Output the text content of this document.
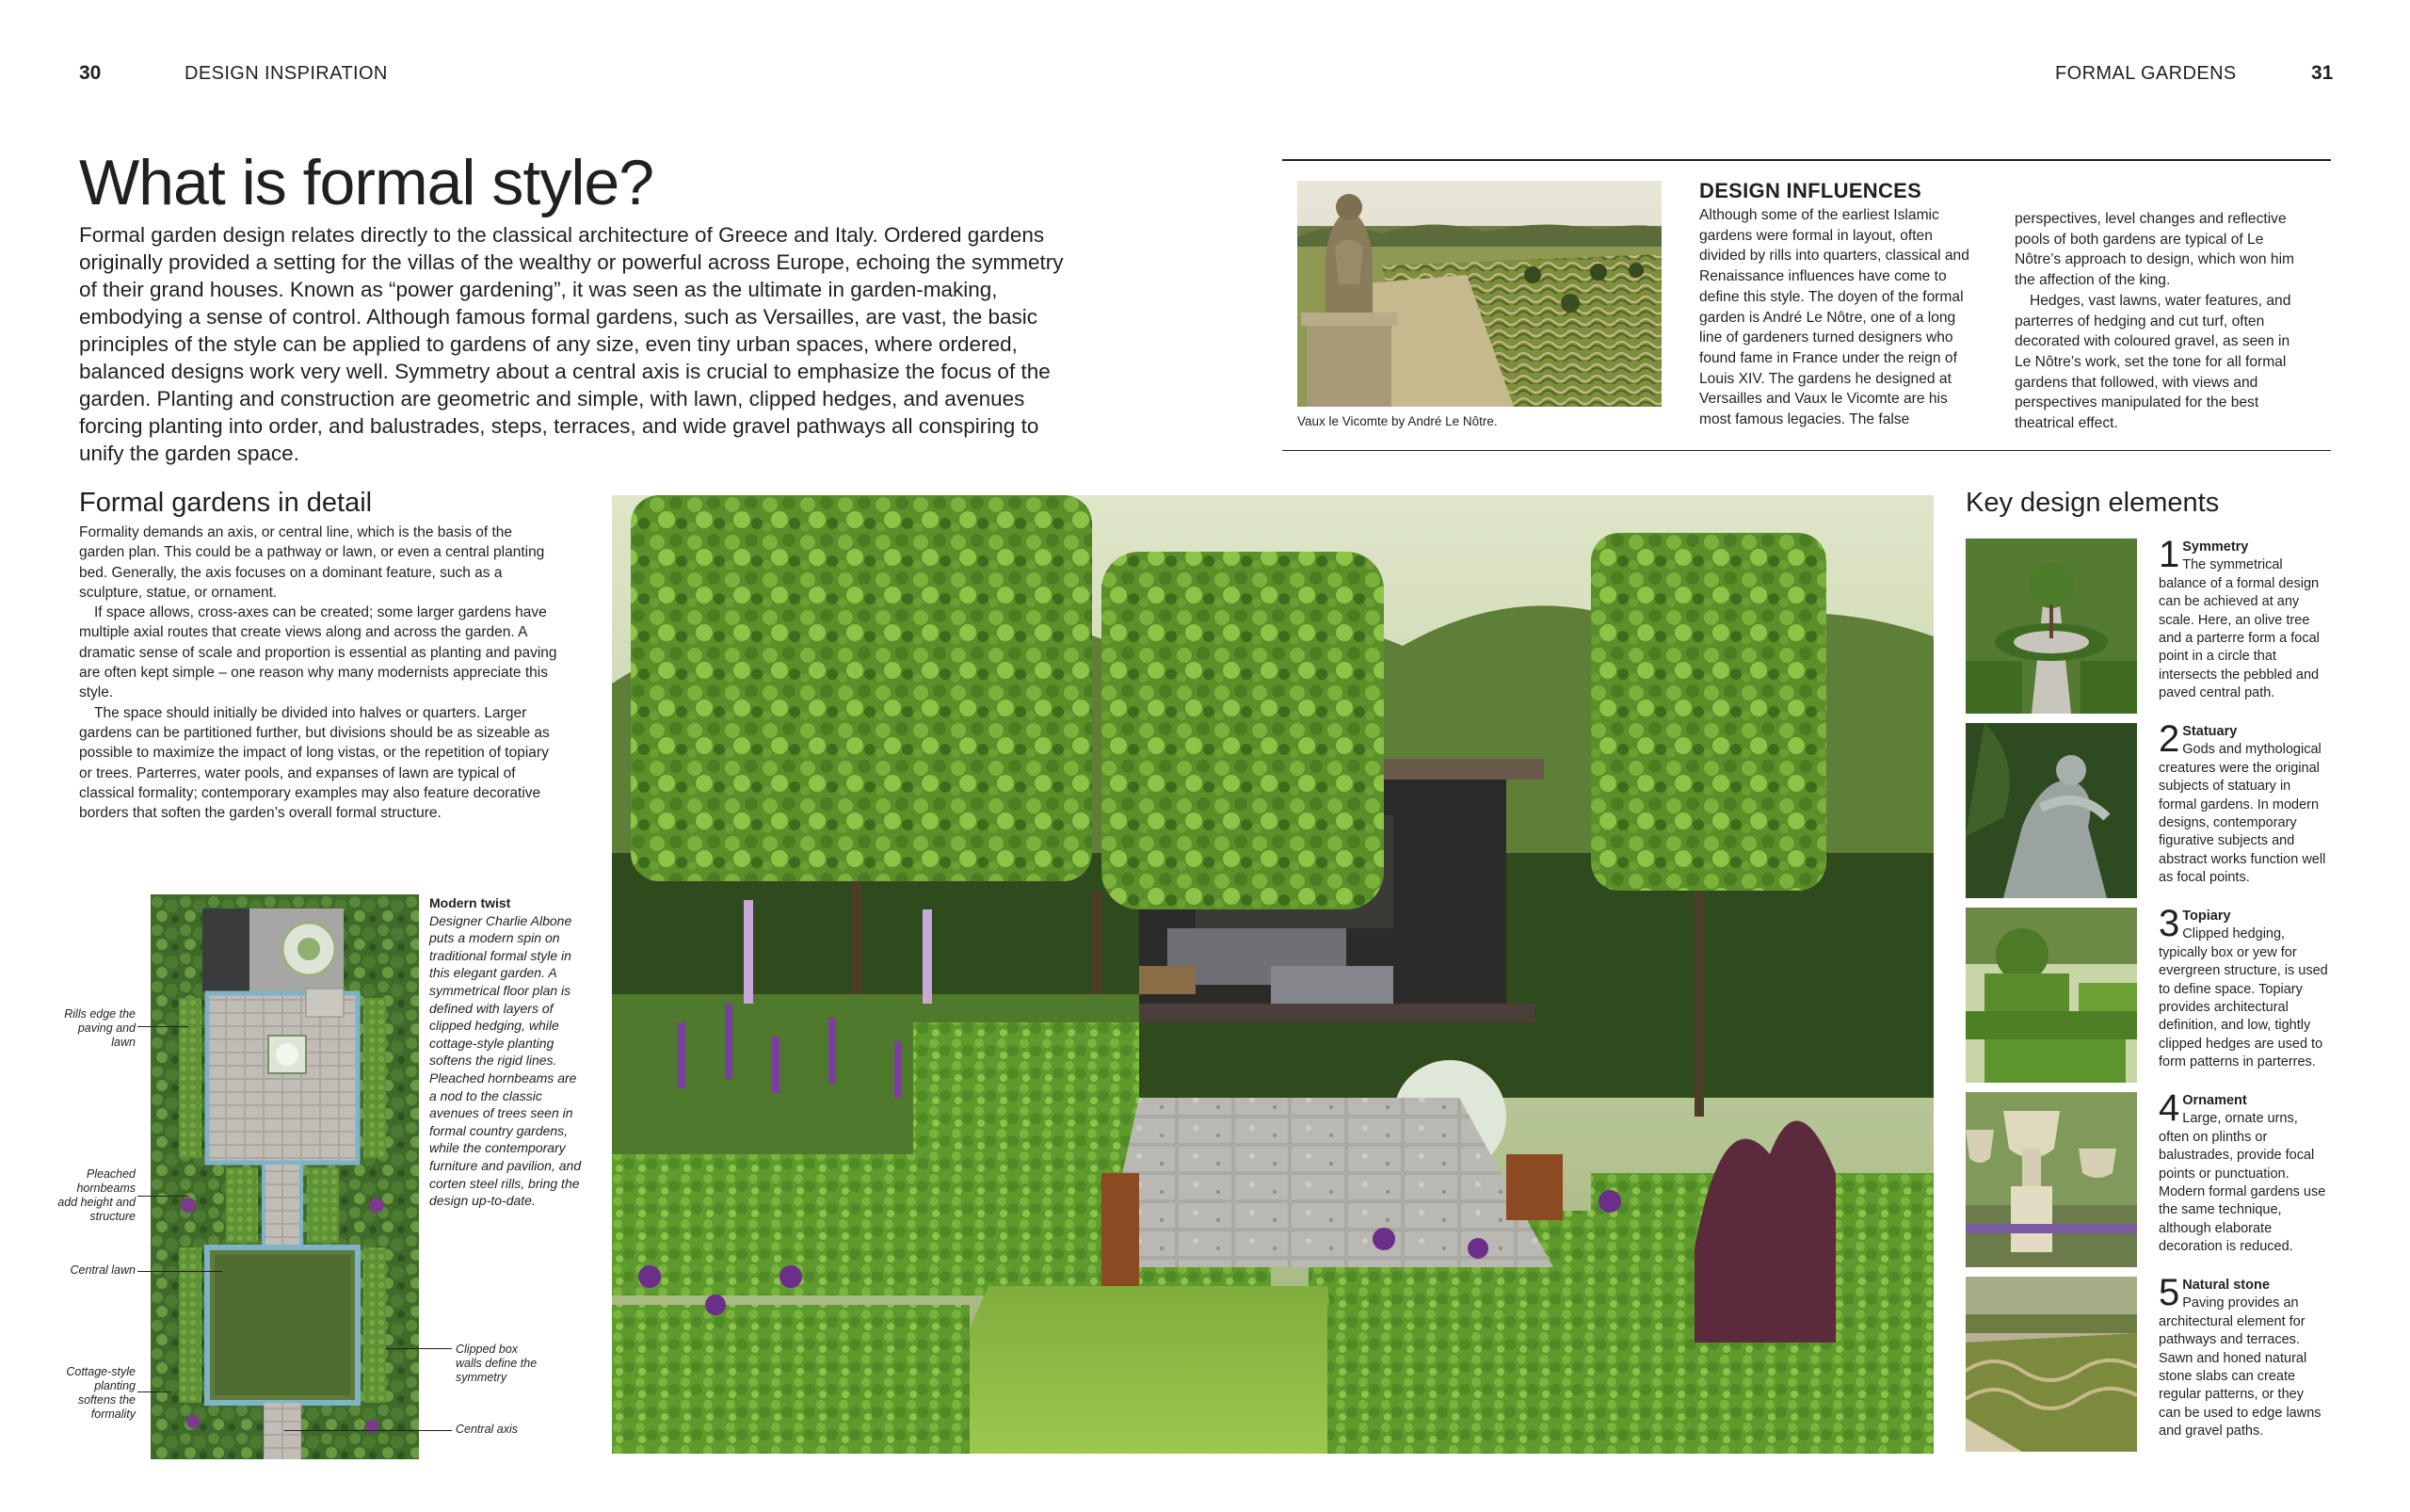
30	DESIGN INSPIRATION	FORMAL GARDENS	31
What is formal style?
Formal garden design relates directly to the classical architecture of Greece and Italy. Ordered gardens originally provided a setting for the villas of the wealthy or powerful across Europe, echoing the symmetry of their grand houses. Known as “power gardening”, it was seen as the ultimate in garden-making, embodying a sense of control. Although famous formal gardens, such as Versailles, are vast, the basic principles of the style can be applied to gardens of any size, even tiny urban spaces, where ordered, balanced designs work very well. Symmetry about a central axis is crucial to emphasize the focus of the garden. Planting and construction are geometric and simple, with lawn, clipped hedges, and avenues forcing planting into order, and balustrades, steps, terraces, and wide gravel pathways all conspiring to unify the garden space.
Vaux le Vicomte by André Le Nôtre.
DESIGN INFLUENCES
Although some of the earliest Islamic gardens were formal in layout, often divided by rills into quarters, classical and Renaissance influences have come to define this style. The doyen of the formal garden is André Le Nôtre, one of a long line of gardeners turned designers who found fame in France under the reign of Louis XIV. The gardens he designed at Versailles and Vaux le Vicomte are his most famous legacies. The false
perspectives, level changes and reflective pools of both gardens are typical of Le Nôtre’s approach to design, which won him the affection of the king.
Hedges, vast lawns, water features, and parterres of hedging and cut turf, often decorated with coloured gravel, as seen in Le Nôtre’s work, set the tone for all formal gardens that followed, with views and perspectives manipulated for the best theatrical effect.
Formal gardens in detail

Formality demands an axis, or central line, which is the basis of the garden plan. This could be a pathway or lawn, or even a central planting bed. Generally, the axis focuses on a dominant feature, such as a sculpture, statue, or ornament.

If space allows, cross-axes can be created; some larger gardens have multiple axial routes that create views along and across the garden. A dramatic sense of scale and proportion is essential as planting and paving are often kept simple – one reason why many modernists appreciate this style.

The space should initially be divided into halves or quarters. Larger gardens can be partitioned further, but divisions should be as sizeable as possible to maximize the impact of long vistas, or the repetition of topiary or trees. Parterres, water pools, and expanses of lawn are typical of classical formality; contemporary examples may also feature decorative borders that soften the garden’s overall formal structure.

Rills edge the paving and lawn
Pleached hornbeams add height and structure
Central lawn
Cottage-style planting softens the formality
Clipped box walls define the symmetry
Central axis
Modern twist
Designer Charlie Albone puts a modern spin on traditional formal style in this elegant garden. A symmetrical floor plan is defined with layers of clipped hedging, while cottage-style planting softens the rigid lines. Pleached hornbeams are a nod to the classic avenues of trees seen in formal country gardens, while the contemporary furniture and pavilion, and corten steel rills, bring the design up-to-date.
Key design elements
1 Symmetry
The symmetrical balance of a formal design can be achieved at any scale. Here, an olive tree and a parterre form a focal point in a circle that intersects the pebbled and paved central path.
2 Statuary
Gods and mythological creatures were the original subjects of statuary in formal gardens. In modern designs, contemporary figurative subjects and abstract works function well as focal points.
3 Topiary
Clipped hedging, typically box or yew for evergreen structure, is used to define space. Topiary provides architectural definition, and low, tightly clipped hedges are used to form patterns in parterres.
4 Ornament
Large, ornate urns, often on plinths or balustrades, provide focal points or punctuation. Modern formal gardens use the same technique, although elaborate decoration is reduced.
5 Natural stone
Paving provides an architectural element for pathways and terraces. Sawn and honed natural stone slabs can create regular patterns, or they can be used to edge lawns and gravel paths.
